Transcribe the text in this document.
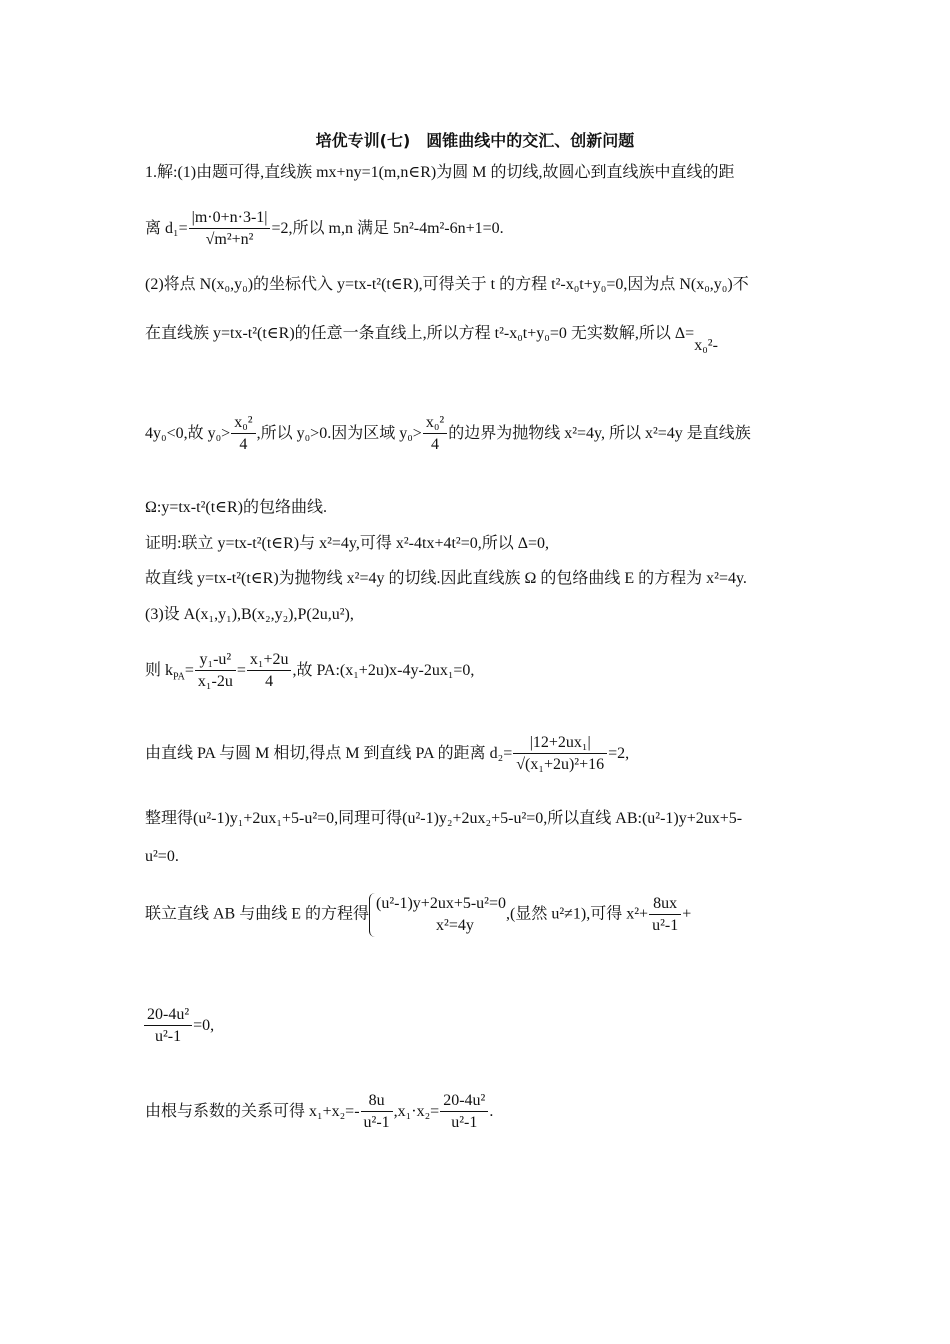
培优专训(七)　圆锥曲线中的交汇、创新问题
1.解:(1)由题可得,直线族 mx+ny=1(m,n∈R)为圆 M 的切线,故圆心到直线族中直线的距
离 $d_1= \frac{|m\cdot 0+n\cdot 3-1|}{\text{√m²+n²}} =2$,所以 m,n 满足 5n²-4m²-6n+1=0.
(2)将点 N(x₀,y₀)的坐标代入 y=tx-t²(t∈R),可得关于 t 的方程 t²-x₀t+y₀=0,因为点 N(x₀,y₀)不
在直线族 y=tx-t²(t∈R)的任意一条直线上,所以方程 t²-x₀t+y₀=0 无实数解,所以 Δ=x₀²-
4y₀<0,故 $y_0> \frac{\text{x₀²}}{4}$ ,所以 y₀>0.因为区域 $y_0> \frac{\text{x₀²}}{4}$ 的边界为抛物线 x²=4y, 所以 x²=4y 是直线族
Ω:y=tx-t²(t∈R)的包络曲线.
证明:联立 y=tx-t²(t∈R)与 x²=4y,可得 x²-4tx+4t²=0,所以 Δ=0,
故直线 y=tx-t²(t∈R)为抛物线 x²=4y 的切线.因此直线族 Ω 的包络曲线 E 的方程为 x²=4y.
(3)设 A(x₁,y₁),B(x₂,y₂),P(2u,u²),
则 $k_{PA}= \frac{\text{y₁-u²}}{\text{x₁-2u}} = \frac{\text{x₁+2u}}{4}$ ,故 PA:(x₁+2u)x-4y-2ux₁=0,
由直线 PA 与圆 M 相切,得点 M 到直线 PA 的距离 $d_2= \frac{\text{|12+2ux₁|}}{\text{√(x₁+2u)²+16}} =2$,
整理得(u²-1)y₁+2ux₁+5-u²=0,同理可得(u²-1)y₂+2ux₂+5-u²=0,所以直线 AB:(u²-1)y+2ux+5-
u²=0.
联立直线 AB 与曲线 E 的方程得
(u²-1)y+2ux+5-u²=0
x²=4y
,(显然 u²≠1),可得 $x^2+ \frac{8ux}{\text{u²-1}}$ +
$\frac{\text{20-4u²}}{\text{u²-1}} =0$,
由根与系数的关系可得 $x_1+x_2=- \frac{8u}{\text{u²-1}} ,x_1\cdot x_2= \frac{\text{20-4u²}}{\text{u²-1}}$ .
